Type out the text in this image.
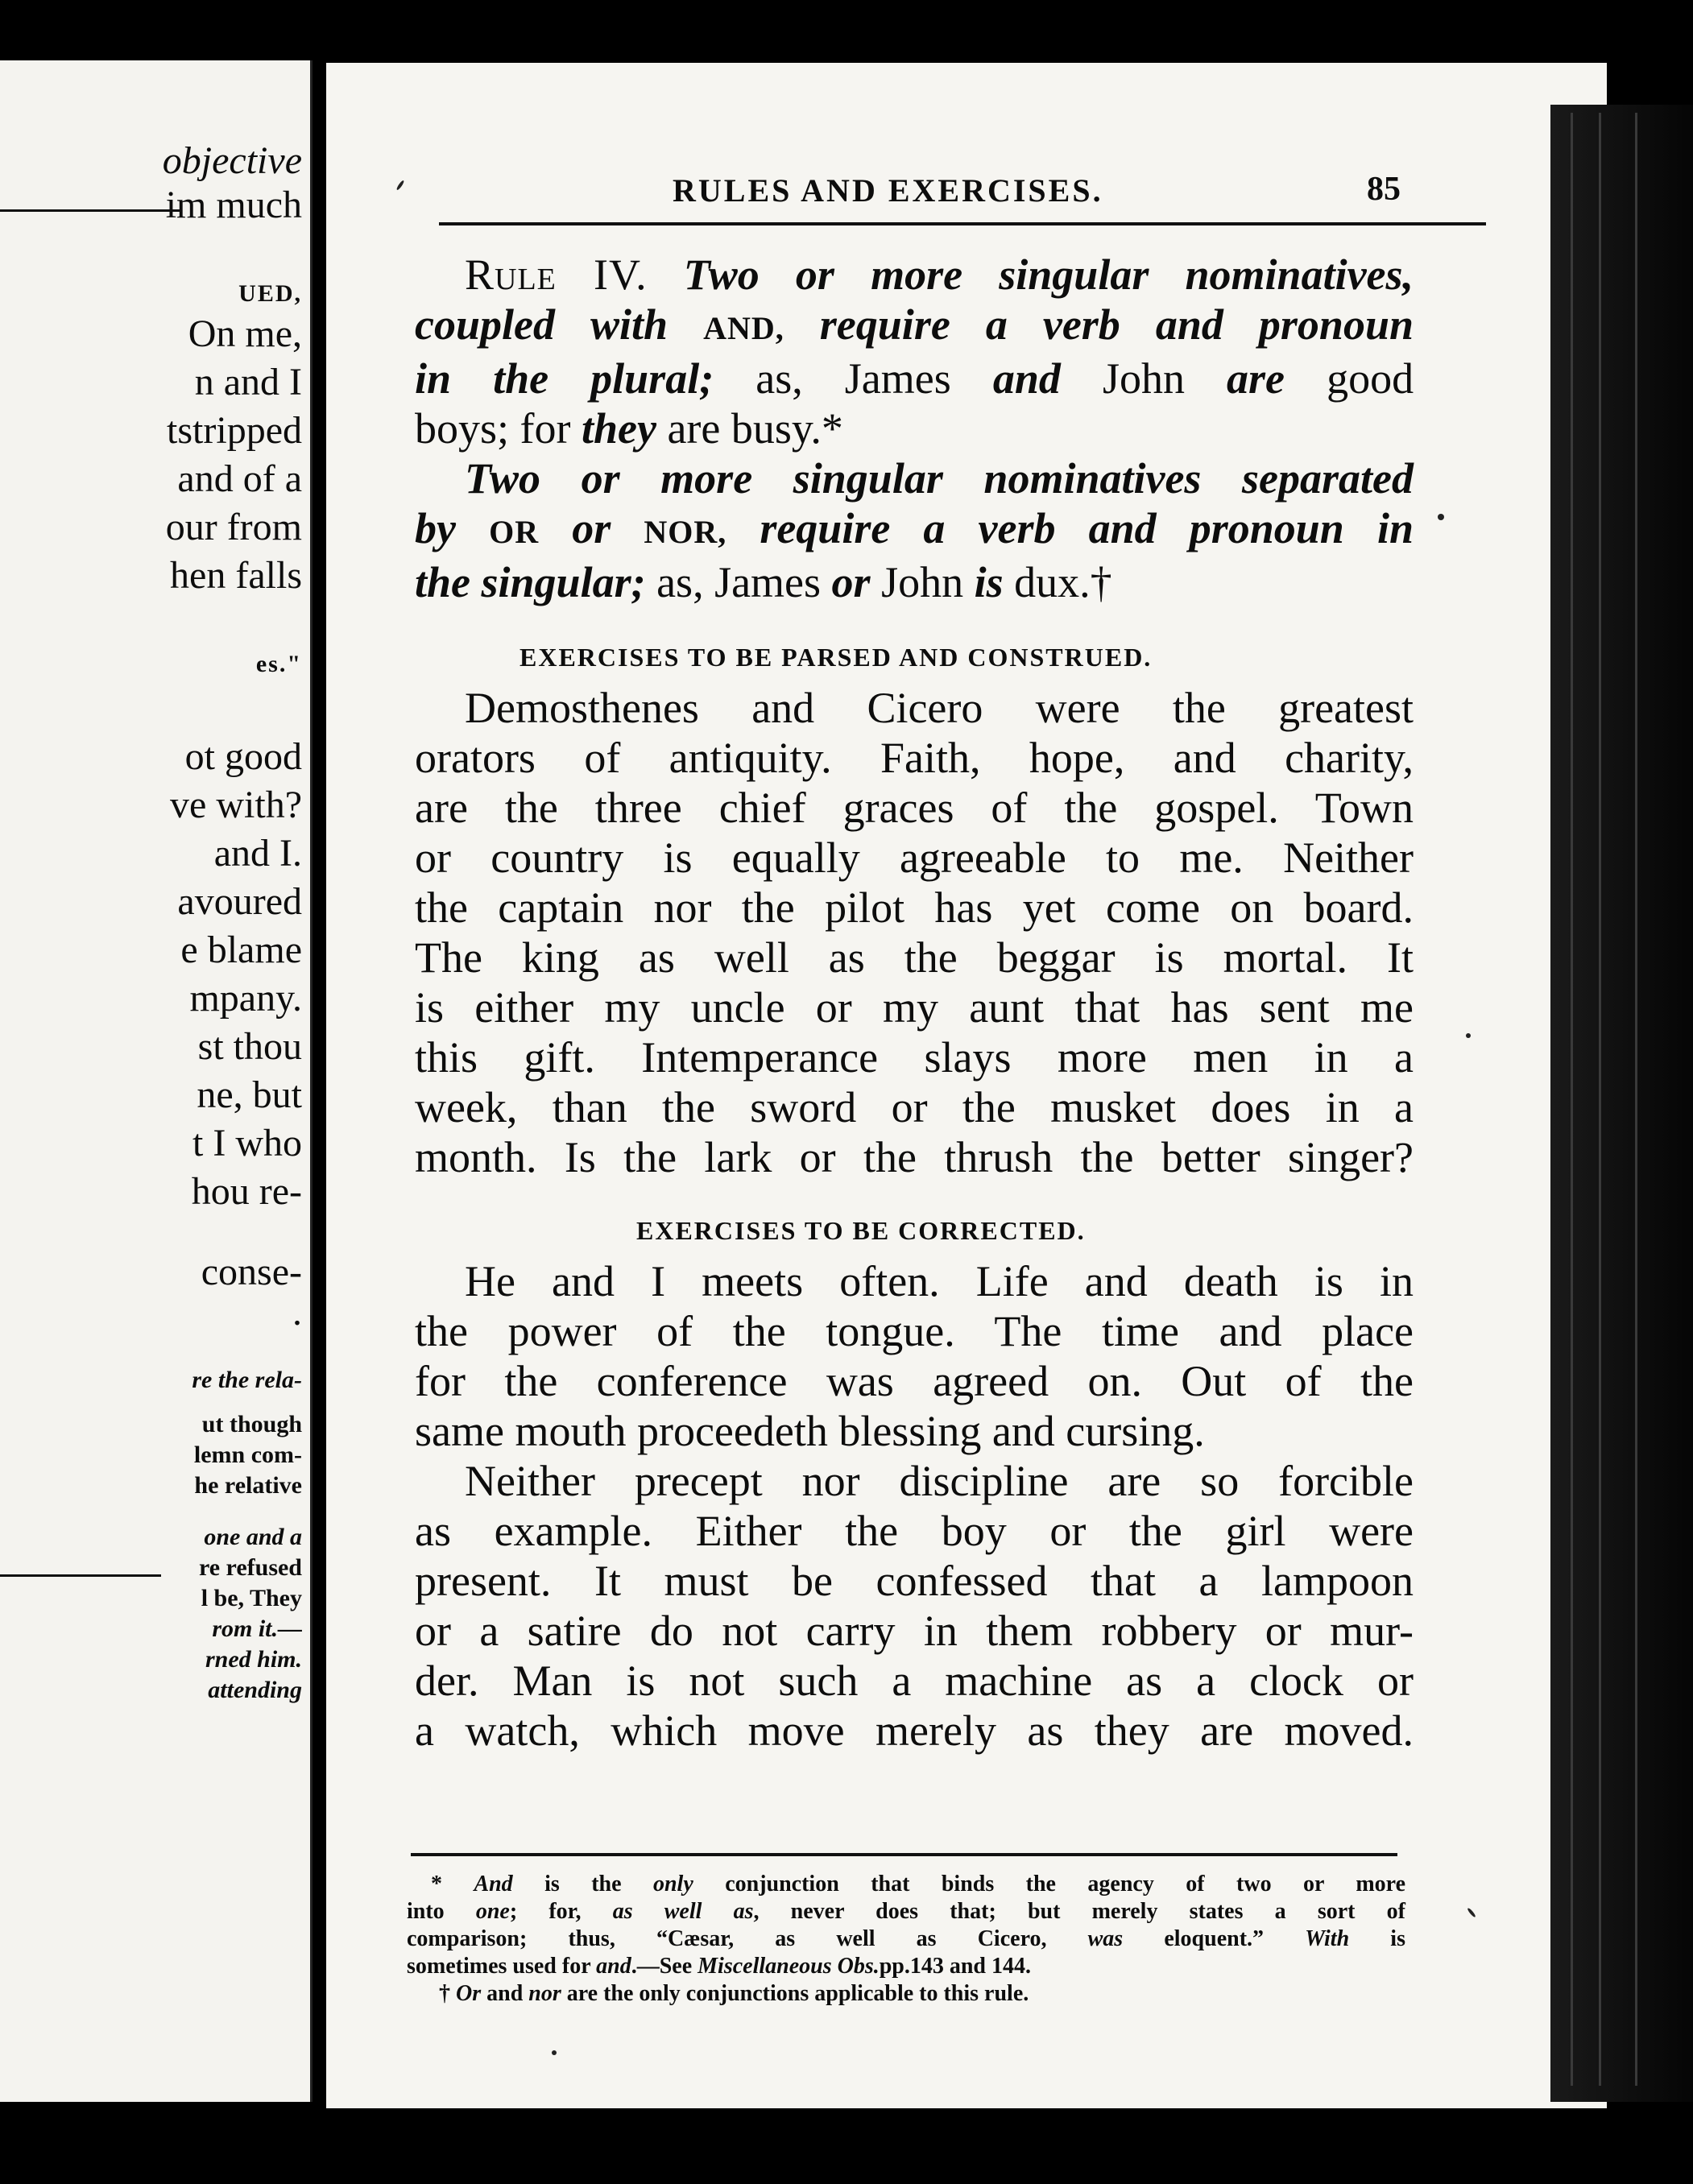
objective
im much
UED,
On me,
n and I
tstripped
and of a
our from
hen falls
es."
ot good
ve with?
and I.
avoured
e blame
mpany.
st thou
ne, but
t I who
hou re-
conse-
.
re the rela-
ut though
lemn com-
he relative
one and a
re refused
l be, They
rom it.—
rned him.
attending
RULES AND EXERCISES.	85
Rule IV. Two or more singular nominatives,
coupled with AND, require a verb and pronoun
in the plural; as, James and John are good
boys; for they are busy.*
Two or more singular nominatives separated
by OR or NOR, require a verb and pronoun in
the singular; as, James or John is dux.†
EXERCISES TO BE PARSED AND CONSTRUED.
Demosthenes and Cicero were the greatest
orators of antiquity. Faith, hope, and charity,
are the three chief graces of the gospel. Town
or country is equally agreeable to me. Neither
the captain nor the pilot has yet come on board.
The king as well as the beggar is mortal. It
is either my uncle or my aunt that has sent me
this gift. Intemperance slays more men in a
week, than the sword or the musket does in a
month. Is the lark or the thrush the better singer?
EXERCISES TO BE CORRECTED.
He and I meets often. Life and death is in
the power of the tongue. The time and place
for the conference was agreed on. Out of the
same mouth proceedeth blessing and cursing.
Neither precept nor discipline are so forcible
as example. Either the boy or the girl were
present. It must be confessed that a lampoon
or a satire do not carry in them robbery or mur-
der. Man is not such a machine as a clock or
a watch, which move merely as they are moved.
* And is the only conjunction that binds the agency of two or more
into one; for, as well as, never does that; but merely states a sort of
comparison; thus, “Cæsar, as well as Cicero, was eloquent.” With is
sometimes used for and.—See Miscellaneous Obs.pp.143 and 144.
† Or and nor are the only conjunctions applicable to this rule.
